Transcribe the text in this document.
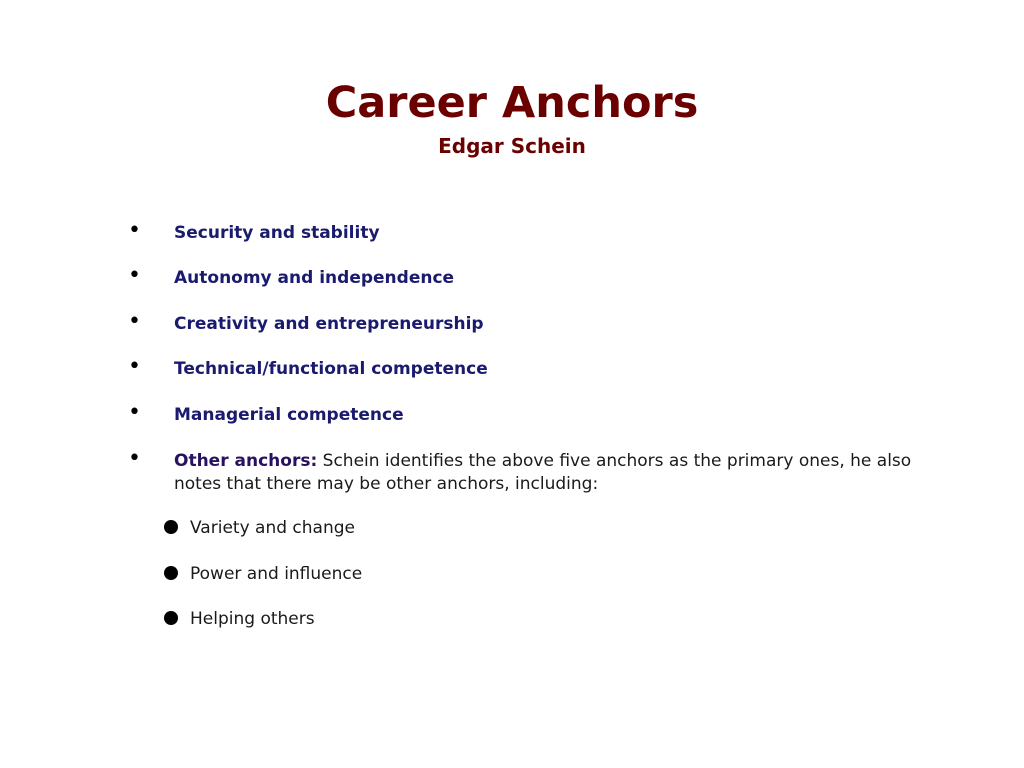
Career Anchors
Edgar Schein
• Security and stability
• Autonomy and independence
• Creativity and entrepreneurship
• Technical/functional competence
• Managerial competence
• Other anchors: Schein identifies the above five anchors as the primary ones, he also notes that there may be other anchors, including:
Variety and change
Power and influence
Helping others
